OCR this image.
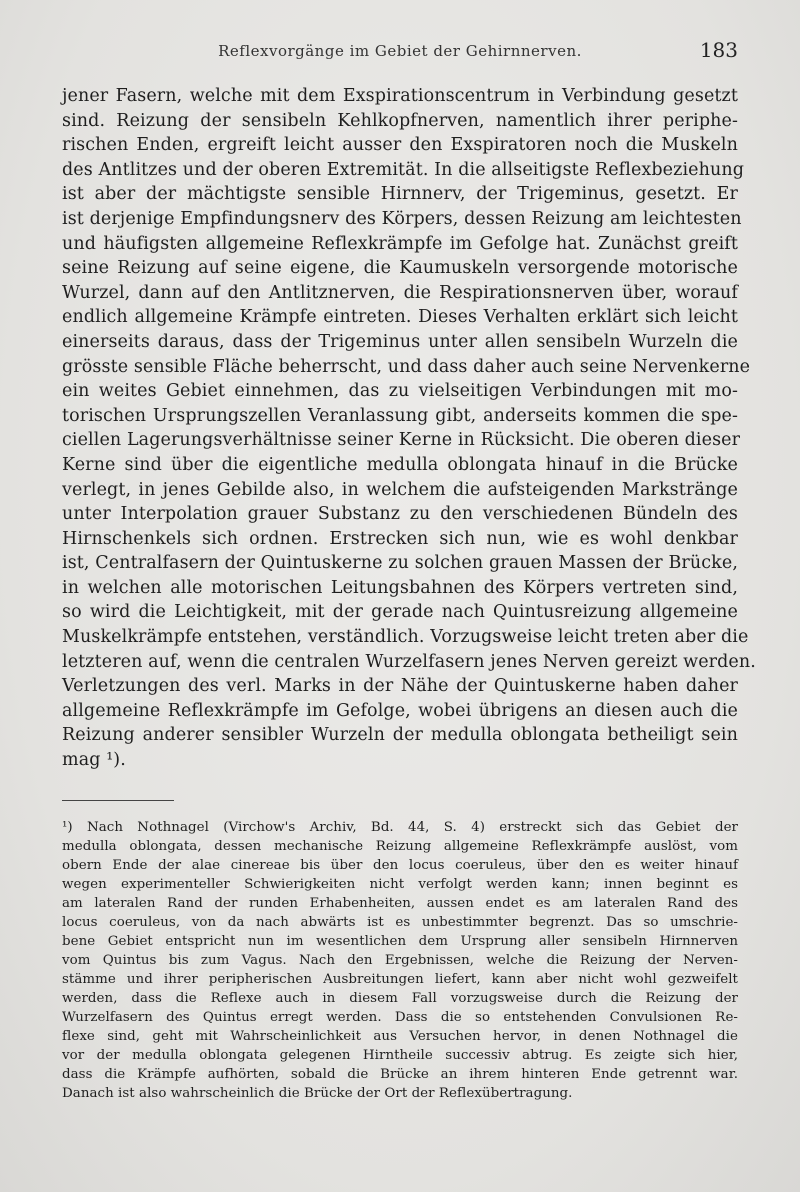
Reflexvorgänge im Gebiet der Gehirnnerven.	183
jener Fasern, welche mit dem Exspirationscentrum in Verbindung gesetzt
sind. Reizung der sensibeln Kehlkopfnerven, namentlich ihrer periphe-
rischen Enden, ergreift leicht ausser den Exspiratoren noch die Muskeln
des Antlitzes und der oberen Extremität. In die allseitigste Reflexbeziehung
ist aber der mächtigste sensible Hirnnerv, der Trigeminus, gesetzt. Er
ist derjenige Empfindungsnerv des Körpers, dessen Reizung am leichtesten
und häufigsten allgemeine Reflexkrämpfe im Gefolge hat. Zunächst greift
seine Reizung auf seine eigene, die Kaumuskeln versorgende motorische
Wurzel, dann auf den Antlitznerven, die Respirationsnerven über, worauf
endlich allgemeine Krämpfe eintreten. Dieses Verhalten erklärt sich leicht
einerseits daraus, dass der Trigeminus unter allen sensibeln Wurzeln die
grösste sensible Fläche beherrscht, und dass daher auch seine Nervenkerne
ein weites Gebiet einnehmen, das zu vielseitigen Verbindungen mit mo-
torischen Ursprungszellen Veranlassung gibt, anderseits kommen die spe-
ciellen Lagerungsverhältnisse seiner Kerne in Rücksicht. Die oberen dieser
Kerne sind über die eigentliche medulla oblongata hinauf in die Brücke
verlegt, in jenes Gebilde also, in welchem die aufsteigenden Markstränge
unter Interpolation grauer Substanz zu den verschiedenen Bündeln des
Hirnschenkels sich ordnen. Erstrecken sich nun, wie es wohl denkbar
ist, Centralfasern der Quintuskerne zu solchen grauen Massen der Brücke,
in welchen alle motorischen Leitungsbahnen des Körpers vertreten sind,
so wird die Leichtigkeit, mit der gerade nach Quintusreizung allgemeine
Muskelkrämpfe entstehen, verständlich. Vorzugsweise leicht treten aber die
letzteren auf, wenn die centralen Wurzelfasern jenes Nerven gereizt werden.
Verletzungen des verl. Marks in der Nähe der Quintuskerne haben daher
allgemeine Reflexkrämpfe im Gefolge, wobei übrigens an diesen auch die
Reizung anderer sensibler Wurzeln der medulla oblongata betheiligt sein
mag ¹).
¹) Nach Nothnagel (Virchow's Archiv, Bd. 44, S. 4) erstreckt sich das Gebiet der
medulla oblongata, dessen mechanische Reizung allgemeine Reflexkrämpfe auslöst, vom
obern Ende der alae cinereae bis über den locus coeruleus, über den es weiter hinauf
wegen experimenteller Schwierigkeiten nicht verfolgt werden kann; innen beginnt es
am lateralen Rand der runden Erhabenheiten, aussen endet es am lateralen Rand des
locus coeruleus, von da nach abwärts ist es unbestimmter begrenzt. Das so umschrie-
bene Gebiet entspricht nun im wesentlichen dem Ursprung aller sensibeln Hirnnerven
vom Quintus bis zum Vagus. Nach den Ergebnissen, welche die Reizung der Nerven-
stämme und ihrer peripherischen Ausbreitungen liefert, kann aber nicht wohl gezweifelt
werden, dass die Reflexe auch in diesem Fall vorzugsweise durch die Reizung der
Wurzelfasern des Quintus erregt werden. Dass die so entstehenden Convulsionen Re-
flexe sind, geht mit Wahrscheinlichkeit aus Versuchen hervor, in denen Nothnagel die
vor der medulla oblongata gelegenen Hirntheile successiv abtrug. Es zeigte sich hier,
dass die Krämpfe aufhörten, sobald die Brücke an ihrem hinteren Ende getrennt war.
Danach ist also wahrscheinlich die Brücke der Ort der Reflexübertragung.
